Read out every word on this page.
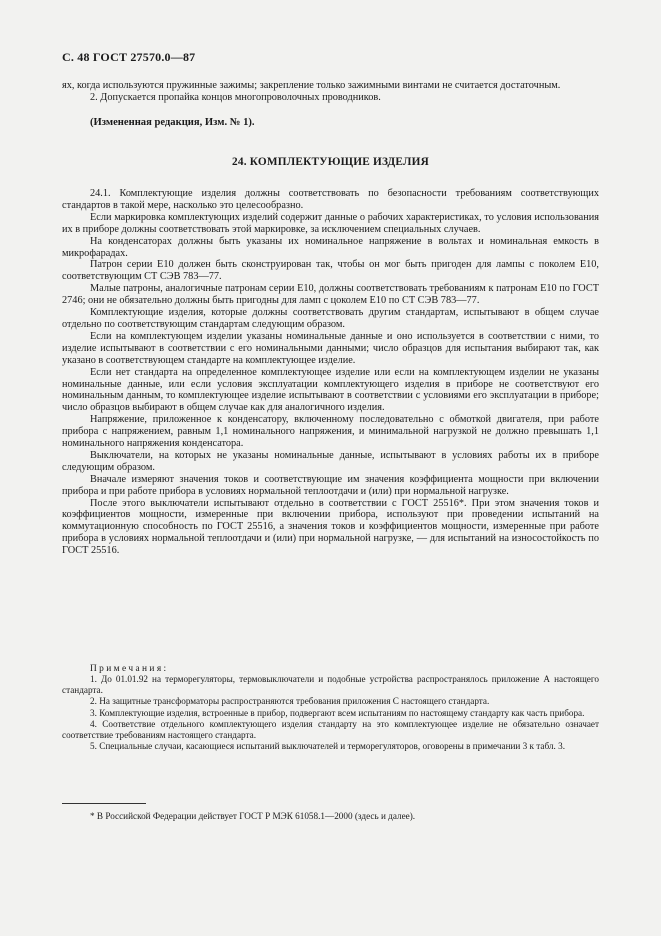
С. 48 ГОСТ 27570.0—87

ях, когда используются пружинные зажимы; закрепление только зажимными винтами не считается достаточным.

2. Допускается пропайка концов многопроволочных проводников.

(Измененная редакция, Изм. № 1).

24. КОМПЛЕКТУЮЩИЕ ИЗДЕЛИЯ

24.1. Комплектующие изделия должны соответствовать по безопасности требованиям соответствующих стандартов в такой мере, насколько это целесообразно.

Если маркировка комплектующих изделий содержит данные о рабочих характеристиках, то условия использования их в приборе должны соответствовать этой маркировке, за исключением специальных случаев.

На конденсаторах должны быть указаны их номинальное напряжение в вольтах и номинальная емкость в микрофарадах.

Патрон серии E10 должен быть сконструирован так, чтобы он мог быть пригоден для лампы с поколем E10, соответствующим СТ СЭВ 783—77.

Малые патроны, аналогичные патронам серии E10, должны соответствовать требованиям к патронам E10 по ГОСТ 2746; они не обязательно должны быть пригодны для ламп с цоколем E10 по СТ СЭВ 783—77.

Комплектующие изделия, которые должны соответствовать другим стандартам, испытывают в общем случае отдельно по соответствующим стандартам следующим образом.

Если на комплектующем изделии указаны номинальные данные и оно используется в соответствии с ними, то изделие испытывают в соответствии с его номинальными данными; число образцов для испытания выбирают так, как указано в соответствующем стандарте на комплектующее изделие.

Если нет стандарта на определенное комплектующее изделие или если на комплектующем изделии не указаны номинальные данные, или если условия эксплуатации комплектующего изделия в приборе не соответствуют его номинальным данным, то комплектующее изделие испытывают в соответствии с условиями его эксплуатации в приборе; число образцов выбирают в общем случае как для аналогичного изделия.

Напряжение, приложенное к конденсатору, включенному последовательно с обмоткой двигателя, при работе прибора с напряжением, равным 1,1 номинального напряжения, и минимальной нагрузкой не должно превышать 1,1 номинального напряжения конденсатора.

Выключатели, на которых не указаны номинальные данные, испытывают в условиях работы их в приборе следующим образом.

Вначале измеряют значения токов и соответствующие им значения коэффициента мощности при включении прибора и при работе прибора в условиях нормальной теплоотдачи и (или) при нормальной нагрузке.

После этого выключатели испытывают отдельно в соответствии с ГОСТ 25516*. При этом значения токов и коэффициентов мощности, измеренные при включении прибора, используют при проведении испытаний на коммутационную способность по ГОСТ 25516, а значения токов и коэффициентов мощности, измеренные при работе прибора в условиях нормальной теплоотдачи и (или) при нормальной нагрузке, — для испытаний на износостойкость по ГОСТ 25516.

Примечания:

1. До 01.01.92 на терморегуляторы, термовыключатели и подобные устройства распространялось приложение А настоящего стандарта.

2. На защитные трансформаторы распространяются требования приложения С настоящего стандарта.

3. Комплектующие изделия, встроенные в прибор, подвергают всем испытаниям по настоящему стандарту как часть прибора.

4. Соответствие отдельного комплектующего изделия стандарту на это комплектующее изделие не обязательно означает соответствие требованиям настоящего стандарта.

5. Специальные случаи, касающиеся испытаний выключателей и терморегуляторов, оговорены в примечании 3 к табл. 3.

* В Российской Федерации действует ГОСТ Р МЭК 61058.1—2000 (здесь и далее).
